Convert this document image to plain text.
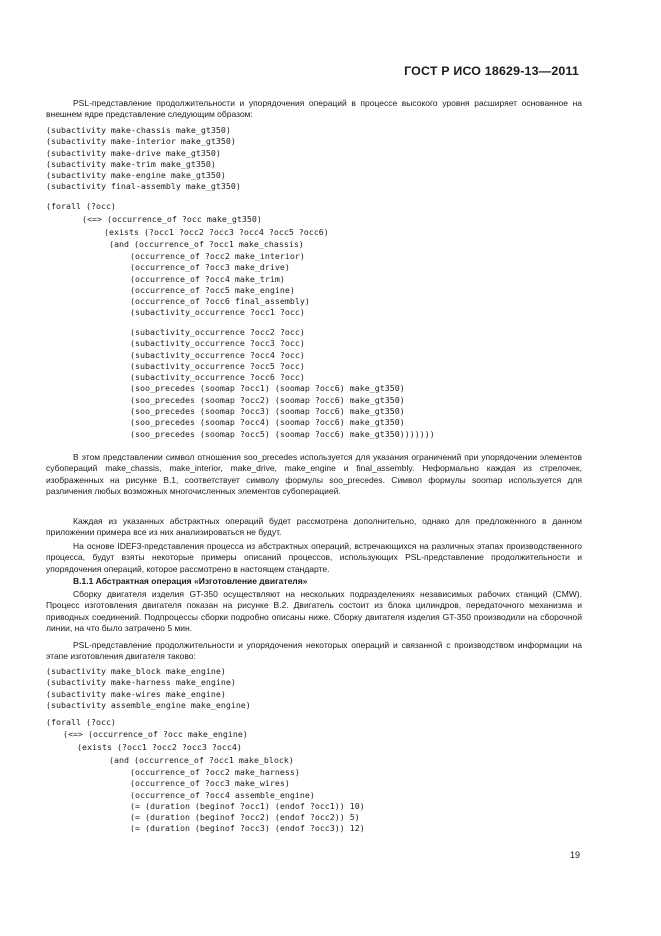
ГОСТ Р ИСО 18629-13—2011

PSL-представление продолжительности и упорядочения операций в процессе высокого уровня расширяет основанное на внешнем ядре представление следующим образом:

(subactivity make-chassis make_gt350)
(subactivity make-interior make_gt350)
(subactivity make-drive make_gt350)
(subactivity make-trim make_gt350)
(subactivity make-engine make_gt350)
(subactivity final-assembly make_gt350)
(forall (?occ)
(<=> (occurrence_of ?occ make_gt350)
(exists (?occ1 ?occ2 ?occ3 ?occ4 ?occ5 ?occ6)
(and (occurrence_of ?occ1 make_chassis)
(occurrence_of ?occ2 make_interior)
(occurrence_of ?occ3 make_drive)
(occurrence_of ?occ4 make_trim)
(occurrence_of ?occ5 make_engine)
(occurrence_of ?occ6 final_assembly)
(subactivity_occurrence ?occ1 ?occ)
(subactivity_occurrence ?occ2 ?occ)
(subactivity_occurrence ?occ3 ?occ)
(subactivity_occurrence ?occ4 ?occ)
(subactivity_occurrence ?occ5 ?occ)
(subactivity_occurrence ?occ6 ?occ)
(soo_precedes (soomap ?occ1) (soomap ?occ6) make_gt350)
(soo_precedes (soomap ?occ2) (soomap ?occ6) make_gt350)
(soo_precedes (soomap ?occ3) (soomap ?occ6) make_gt350)
(soo_precedes (soomap ?occ4) (soomap ?occ6) make_gt350)
(soo_precedes (soomap ?occ5) (soomap ?occ6) make_gt350)))))))

В этом представлении символ отношения soo_precedes используется для указания ограничений при упорядочении элементов субопераций make_chassis, make_interior, make_drive, make_engine и final_assembly. Неформально каждая из стрелочек, изображенных на рисунке В.1, соответствует символу формулы soo_precedes. Символ формулы soomap используется для различения любых возможных многочисленных элементов субоперацией.

Каждая из указанных абстрактных операций будет рассмотрена дополнительно, однако для предложенного в данном приложении примера все из них анализироваться не будут.

На основе IDEF3-представления процесса из абстрактных операций, встречающихся на различных этапах производственного процесса, будут взяты некоторые примеры описаний процессов, использующих PSL-представление продолжительности и упорядочения операций, которое рассмотрено в настоящем стандарте.

В.1.1 Абстрактная операция «Изготовление двигателя»

Сборку двигателя изделия GT-350 осуществляют на нескольких подразделениях независимых рабочих станций (CMW). Процесс изготовления двигателя показан на рисунке В.2. Двигатель состоит из блока цилиндров, передаточного механизма и приводных соединений. Подпроцессы сборки подробно описаны ниже. Сборку двигателя изделия GT-350 производили на сборочной линии, на что было затрачено 5 мин.

PSL-представление продолжительности и упорядочения некоторых операций и связанной с производством информации на этапе изготовления двигателя таково:

(subactivity make_block make_engine)
(subactivity make-harness make_engine)
(subactivity make-wires make_engine)
(subactivity assemble_engine make_engine)
(forall (?occ)
(<=> (occurrence_of ?occ make_engine)
(exists (?occ1 ?occ2 ?occ3 ?occ4)
(and (occurrence_of ?occ1 make_block)
(occurrence_of ?occ2 make_harness)
(occurrence_of ?occ3 make_wires)
(occurrence_of ?occ4 assemble_engine)
(= (duration (beginof ?occ1) (endof ?occ1)) 10)
(= (duration (beginof ?occ2) (endof ?occ2)) 5)
(= (duration (beginof ?occ3) (endof ?occ3)) 12)
19
